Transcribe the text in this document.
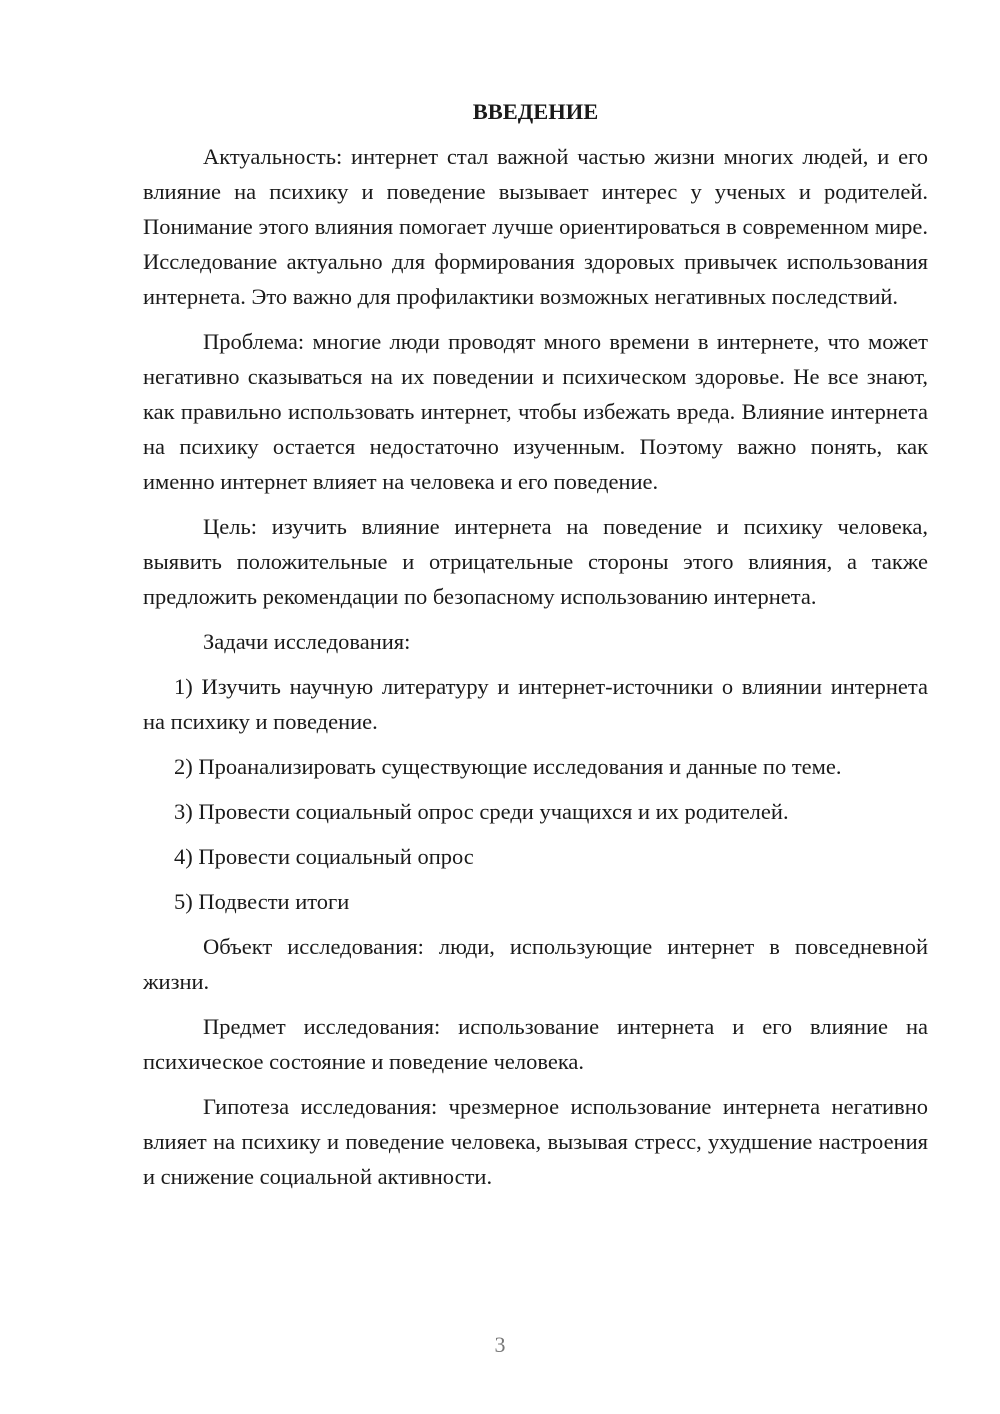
ВВЕДЕНИЕ

Актуальность: интернет стал важной частью жизни многих людей, и его влияние на психику и поведение вызывает интерес у ученых и родителей. Понимание этого влияния помогает лучше ориентироваться в современном мире. Исследование актуально для формирования здоровых привычек использования интернета. Это важно для профилактики возможных негативных последствий.

Проблема: многие люди проводят много времени в интернете, что может негативно сказываться на их поведении и психическом здоровье. Не все знают, как правильно использовать интернет, чтобы избежать вреда. Влияние интернета на психику остается недостаточно изученным. Поэтому важно понять, как именно интернет влияет на человека и его поведение.

Цель: изучить влияние интернета на поведение и психику человека, выявить положительные и отрицательные стороны этого влияния, а также предложить рекомендации по безопасному использованию интернета.

Задачи исследования:

1) Изучить научную литературу и интернет-источники о влиянии интернета на психику и поведение.

2) Проанализировать существующие исследования и данные по теме.

3) Провести социальный опрос среди учащихся и их родителей.

4) Провести социальный опрос

5) Подвести итоги

Объект исследования: люди, использующие интернет в повседневной жизни.

Предмет исследования: использование интернета и его влияние на психическое состояние и поведение человека.

Гипотеза исследования: чрезмерное использование интернета негативно влияет на психику и поведение человека, вызывая стресс, ухудшение настроения и снижение социальной активности.

3
